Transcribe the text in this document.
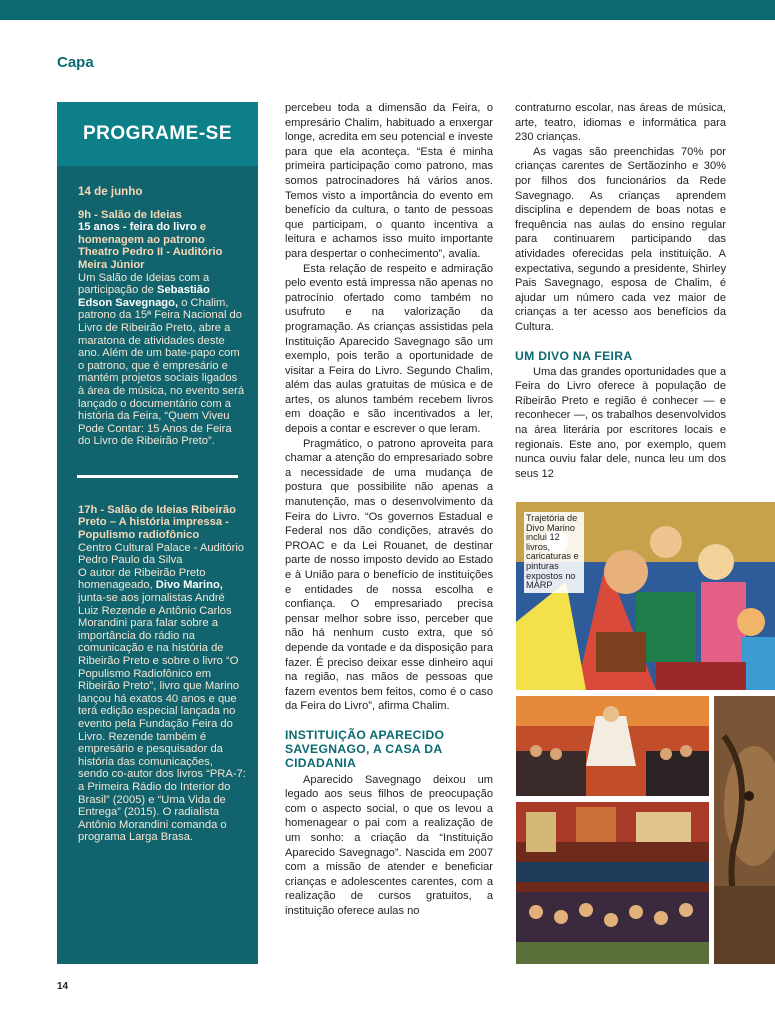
Capa
PROGRAME-SE
14 de junho
9h - Salão de Ideias
15 anos - feira do livro e homenagem ao patrono Theatro Pedro II - Auditório Meira Júnior
Um Salão de Ideias com a participação de Sebastião Edson Savegnago, o Chalim, patrono da 15ª Feira Nacional do Livro de Ribeirão Preto, abre a maratona de atividades deste ano. Além de um bate-papo com o patrono, que é empresário e mantém projetos sociais ligados à área de música, no evento será lançado o documentário com a história da Feira, “Quem Viveu Pode Contar: 15 Anos de Feira do Livro de Ribeirão Preto”.
17h - Salão de Ideias Ribeirão Preto – A história impressa - Populismo radiofônico
Centro Cultural Palace - Auditório Pedro Paulo da Silva
O autor de Ribeirão Preto homenageado, Divo Marino, junta-se aos jornalistas André Luiz Rezende e Antônio Carlos Morandini para falar sobre a importância do rádio na comunicação e na história de Ribeirão Preto e sobre o livro “O Populismo Radiofônico em Ribeirão Preto”, livro que Marino lançou há exatos 40 anos e que terá edição especial lançada no evento pela Fundação Feira do Livro. Rezende também é empresário e pesquisador da história das comunicações, sendo co-autor dos livros “PRA-7: a Primeira Rádio do Interior do Brasil” (2005) e “Uma Vida de Entrega” (2015). O radialista Antônio Morandini comanda o programa Larga Brasa.

percebeu toda a dimensão da Feira, o empresário Chalim, habituado a enxergar longe, acredita em seu potencial e investe para que ela aconteça. “Esta é minha primeira participação como patrono, mas somos patrocinadores há vários anos. Temos visto a importância do evento em benefício da cultura, o tanto de pessoas que participam, o quanto incentiva a leitura e achamos isso muito importante para despertar o conhecimento”, avalia.

Esta relação de respeito e admiração pelo evento está impressa não apenas no patrocínio ofertado como também no usufruto e na valorização da programação. As crianças assistidas pela Instituição Aparecido Savegnago são um exemplo, pois terão a oportunidade de visitar a Feira do Livro. Segundo Chalim, além das aulas gratuitas de música e de artes, os alunos também recebem livros em doação e são incentivados a ler, depois a contar e escrever o que leram.

Pragmático, o patrono aproveita para chamar a atenção do empresariado sobre a necessidade de uma mudança de postura que possibilite não apenas a manutenção, mas o desenvolvimento da Feira do Livro. “Os governos Estadual e Federal nos dão condições, através do PROAC e da Lei Rouanet, de destinar parte de nosso imposto devido ao Estado e à União para o benefício de instituições e entidades de nossa escolha e confiança. O empresariado precisa pensar melhor sobre isso, perceber que não há nenhum custo extra, que só depende da vontade e da disposição para fazer. É preciso deixar esse dinheiro aqui na região, nas mãos de pessoas que fazem eventos bem feitos, como é o caso da Feira do Livro”, afirma Chalim.

INSTITUIÇÃO APARECIDO SAVEGNAGO, A CASA DA CIDADANIA

Aparecido Savegnago deixou um legado aos seus filhos de preocupação com o aspecto social, o que os levou a homenagear o pai com a realização de um sonho: a criação da “Instituição Aparecido Savegnago”. Nascida em 2007 com a missão de atender e beneficiar crianças e adolescentes carentes, com a realização de cursos gratuitos, a instituição oferece aulas no

contraturno escolar, nas áreas de música, arte, teatro, idiomas e informática para 230 crianças.

As vagas são preenchidas 70% por crianças carentes de Sertãozinho e 30% por filhos dos funcionários da Rede Savegnago. As crianças aprendem disciplina e dependem de boas notas e frequência nas aulas do ensino regular para continuarem participando das atividades oferecidas pela instituição. A expectativa, segundo a presidente, Shirley Pais Savegnago, esposa de Chalim, é ajudar um número cada vez maior de crianças a ter acesso aos benefícios da Cultura.

UM DIVO NA FEIRA

Uma das grandes oportunidades que a Feira do Livro oferece à população de Ribeirão Preto e região é conhecer — e reconhecer —, os trabalhos desenvolvidos na área literária por escritores locais e regionais. Este ano, por exemplo, quem nunca ouviu falar dele, nunca leu um dos seus 12

Trajetória de Divo Marino inclui 12 livros, caricaturas e pinturas expostos no MARP
14
